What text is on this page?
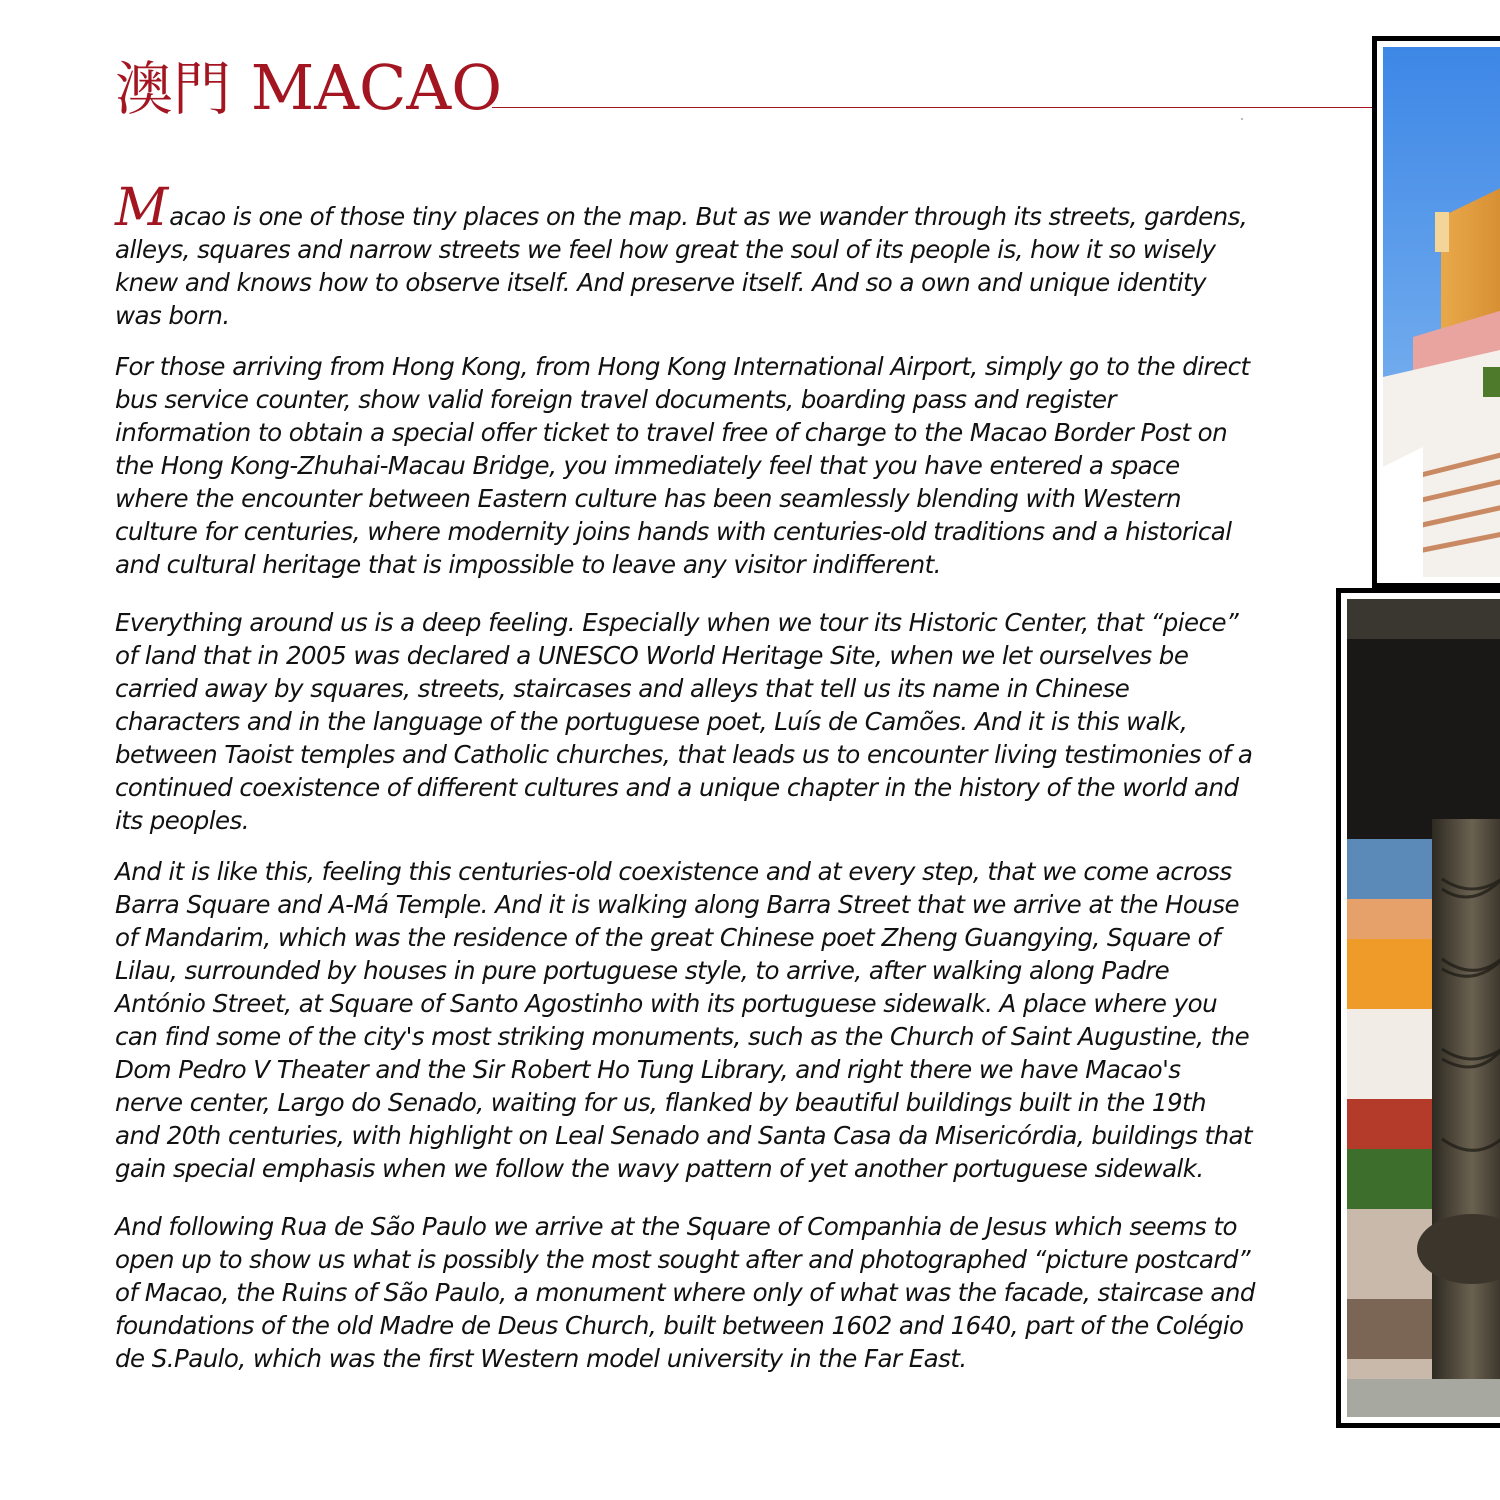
澳門 MACAO

Macao is one of those tiny places on the map. But as we wander through its streets, gardens, alleys, squares and narrow streets we feel how great the soul of its people is, how it so wisely knew and knows how to observe itself. And preserve itself. And so a own and unique identity was born.

For those arriving from Hong Kong, from Hong Kong International Airport, simply go to the direct bus service counter, show valid foreign travel documents, boarding pass and register information to obtain a special offer ticket to travel free of charge to the Macao Border Post on the Hong Kong-Zhuhai-Macau Bridge, you immediately feel that you have entered a space where the encounter between Eastern culture has been seamlessly blending with Western culture for centuries, where modernity joins hands with centuries-old traditions and a historical and cultural heritage that is impossible to leave any visitor indifferent.

Everything around us is a deep feeling. Especially when we tour its Historic Center, that “piece” of land that in 2005 was declared a UNESCO World Heritage Site, when we let ourselves be carried away by squares, streets, staircases and alleys that tell us its name in Chinese characters and in the language of the portuguese poet, Luís de Camões. And it is this walk, between Taoist temples and Catholic churches, that leads us to encounter living testimonies of a continued coexistence of different cultures and a unique chapter in the history of the world and its peoples.

And it is like this, feeling this centuries-old coexistence and at every step, that we come across Barra Square and A-Má Temple. And it is walking along Barra Street that we arrive at the House of Mandarim, which was the residence of the great Chinese poet Zheng Guangying, Square of Lilau, surrounded by houses in pure portuguese style, to arrive, after walking along Padre António Street, at Square of Santo Agostinho with its portuguese sidewalk. A place where you can find some of the city's most striking monuments, such as the Church of Saint Augustine, the Dom Pedro V Theater and the Sir Robert Ho Tung Library, and right there we have Macao's nerve center, Largo do Senado, waiting for us, flanked by beautiful buildings built in the 19th and 20th centuries, with highlight on Leal Senado and Santa Casa da Misericórdia, buildings that gain special emphasis when we follow the wavy pattern of yet another portuguese sidewalk.

And following Rua de São Paulo we arrive at the Square of Companhia de Jesus which seems to open up to show us what is possibly the most sought after and photographed “picture postcard” of Macao, the Ruins of São Paulo, a monument where only of what was the facade, staircase and foundations of the old Madre de Deus Church, built between 1602 and 1640, part of the Colégio de S.Paulo, which was the first Western model university in the Far East.
